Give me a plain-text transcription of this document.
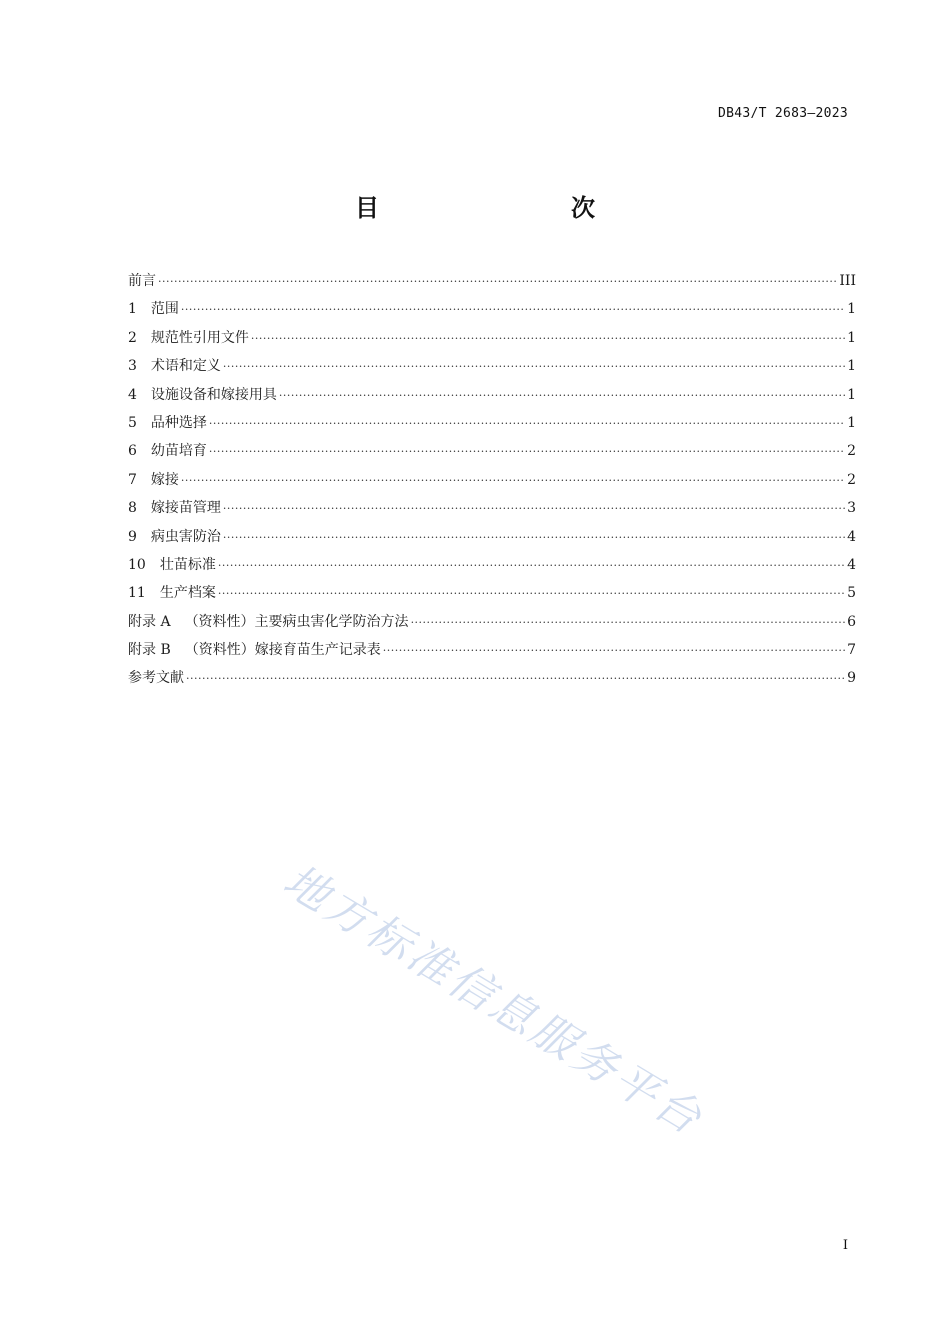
DB43/T 2683—2023
目　　次
前言 ·····	III
1　 范围 ·····	1
2　 规范性引用文件 ·····	1
3　 术语和定义 ·····	1
4　 设施设备和嫁接用具 ·····	1
5　 品种选择 ·····	1
6　 幼苗培育 ·····	2
7　 嫁接 ·····	2
8　 嫁接苗管理 ·····	3
9　 病虫害防治 ·····	4
10　 壮苗标准 ·····	4
11　 生产档案 ·····	5
附录 A　 （资料性）主要病虫害化学防治方法 ·····	6
附录 B　 （资料性）嫁接育苗生产记录表 ·····	7
参考文献 ·····	9
地方标准信息服务平台
I
